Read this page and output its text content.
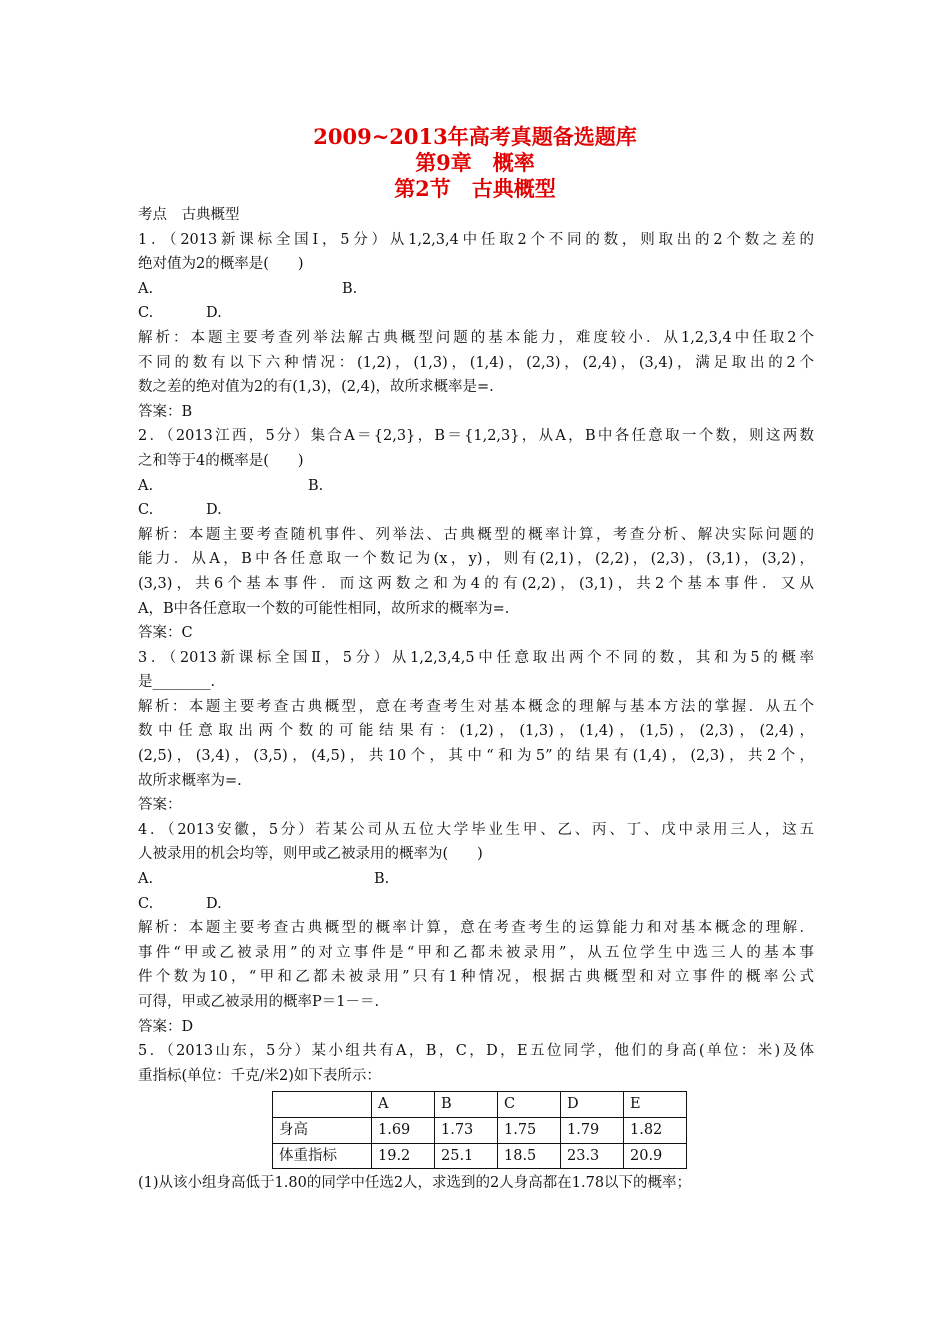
2009~2013年高考真题备选题库

第9章　概率

第2节　古典概型

考点　古典概型

1．（2013新课标全国Ⅰ，5分）从1,2,3,4中任取2个不同的数，则取出的2个数之差的

绝对值为2的概率是(　　)

A.	B.
C.	D.

解析：本题主要考查列举法解古典概型问题的基本能力，难度较小．从1,2,3,4中任取2个

不同的数有以下六种情况：(1,2)，(1,3)，(1,4)，(2,3)，(2,4)，(3,4)，满足取出的2个

数之差的绝对值为2的有(1,3)，(2,4)，故所求概率是=.

答案：B

2．（2013江西，5分）集合A＝{2,3}，B＝{1,2,3}，从A，B中各任意取一个数，则这两数

之和等于4的概率是(　　)

A.	B.
C.	D.

解析：本题主要考查随机事件、列举法、古典概型的概率计算，考查分析、解决实际问题的

能力．从A，B中各任意取一个数记为(x，y)，则有(2,1)，(2,2)，(2,3)，(3,1)，(3,2)，

(3,3)，共6个基本事件．而这两数之和为4的有(2,2)，(3,1)，共2个基本事件．又从

A，B中各任意取一个数的可能性相同，故所求的概率为=.

答案：C

3．（2013新课标全国Ⅱ，5分）从1,2,3,4,5中任意取出两个不同的数，其和为5的概率

是________.

解析：本题主要考查古典概型，意在考查考生对基本概念的理解与基本方法的掌握．从五个

数中任意取出两个数的可能结果有：(1,2)，(1,3)，(1,4)，(1,5)，(2,3)，(2,4)，

(2,5)，(3,4)，(3,5)，(4,5)，共10个，其中“和为5”的结果有(1,4)，(2,3)，共2个，

故所求概率为=.

答案：

4．（2013安徽，5分）若某公司从五位大学毕业生甲、乙、丙、丁、戊中录用三人，这五

人被录用的机会均等，则甲或乙被录用的概率为(　　)

A.	B.
C.	D.

解析：本题主要考查古典概型的概率计算，意在考查考生的运算能力和对基本概念的理解．

事件“甲或乙被录用”的对立事件是“甲和乙都未被录用”，从五位学生中选三人的基本事

件个数为10，“甲和乙都未被录用”只有1种情况，根据古典概型和对立事件的概率公式

可得，甲或乙被录用的概率P＝1－＝.

答案：D

5．（2013山东，5分）某小组共有A，B，C，D，E五位同学，他们的身高(单位：米)及体

重指标(单位：千克/米2)如下表所示：

	A	B	C	D	E
身高	1.69	1.73	1.75	1.79	1.82
体重指标	19.2	25.1	18.5	23.3	20.9

(1)从该小组身高低于1.80的同学中任选2人，求选到的2人身高都在1.78以下的概率；
